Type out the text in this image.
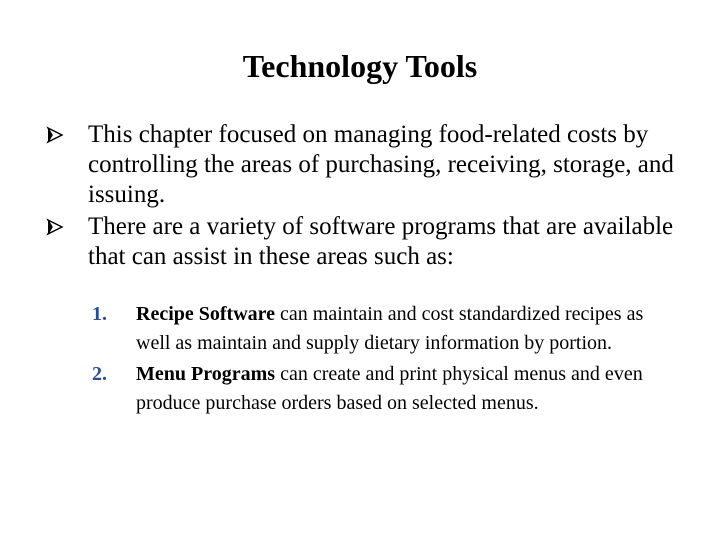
Technology Tools
This chapter focused on managing food-related costs by controlling the areas of purchasing, receiving, storage, and issuing.
There are a variety of software programs that are available that can assist in these areas such as:
1. Recipe Software can maintain and cost standardized recipes as well as maintain and supply dietary information by portion.
2. Menu Programs can create and print physical menus and even produce purchase orders based on selected menus.
